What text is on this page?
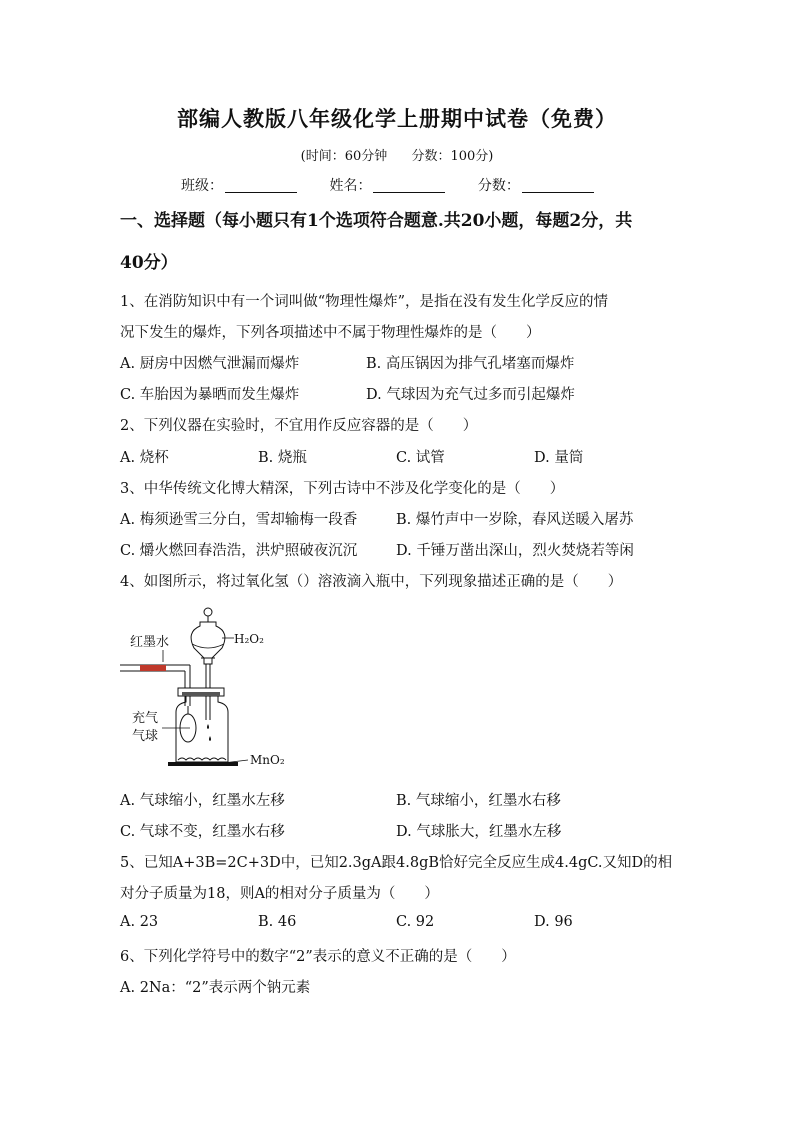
部编人教版八年级化学上册期中试卷（免费）
(时间：60分钟 分数：100分)
班级：	姓名：	分数：
一、选择题（每小题只有1个选项符合题意.共20小题，每题2分，共
40分）
1、在消防知识中有一个词叫做“物理性爆炸”，是指在没有发生化学反应的情
况下发生的爆炸，下列各项描述中不属于物理性爆炸的是（　　）
A. 厨房中因燃气泄漏而爆炸	B. 高压锅因为排气孔堵塞而爆炸
C. 车胎因为暴晒而发生爆炸	D. 气球因为充气过多而引起爆炸
2、下列仪器在实验时，不宜用作反应容器的是（　　）
A. 烧杯	B. 烧瓶	C. 试管	D. 量筒
3、中华传统文化博大精深，下列古诗中不涉及化学变化的是（　　）
A. 梅须逊雪三分白，雪却输梅一段香	B. 爆竹声中一岁除，春风送暖入屠苏
C. 爝火燃回春浩浩，洪炉照破夜沉沉	D. 千锤万凿出深山，烈火焚烧若等闲
4、如图所示，将过氧化氢（）溶液滴入瓶中，下列现象描述正确的是（　　）
红墨水	H₂O₂
充气
气球
MnO₂
A. 气球缩小，红墨水左移	B. 气球缩小，红墨水右移
C. 气球不变，红墨水右移	D. 气球胀大，红墨水左移
5、已知A+3B=2C+3D中，已知2.3gA跟4.8gB恰好完全反应生成4.4gC.又知D的相
对分子质量为18，则A的相对分子质量为（　　）
A. 23	B. 46	C. 92	D. 96
6、下列化学符号中的数字“2”表示的意义不正确的是（　　）
A. 2Na：“2”表示两个钠元素
